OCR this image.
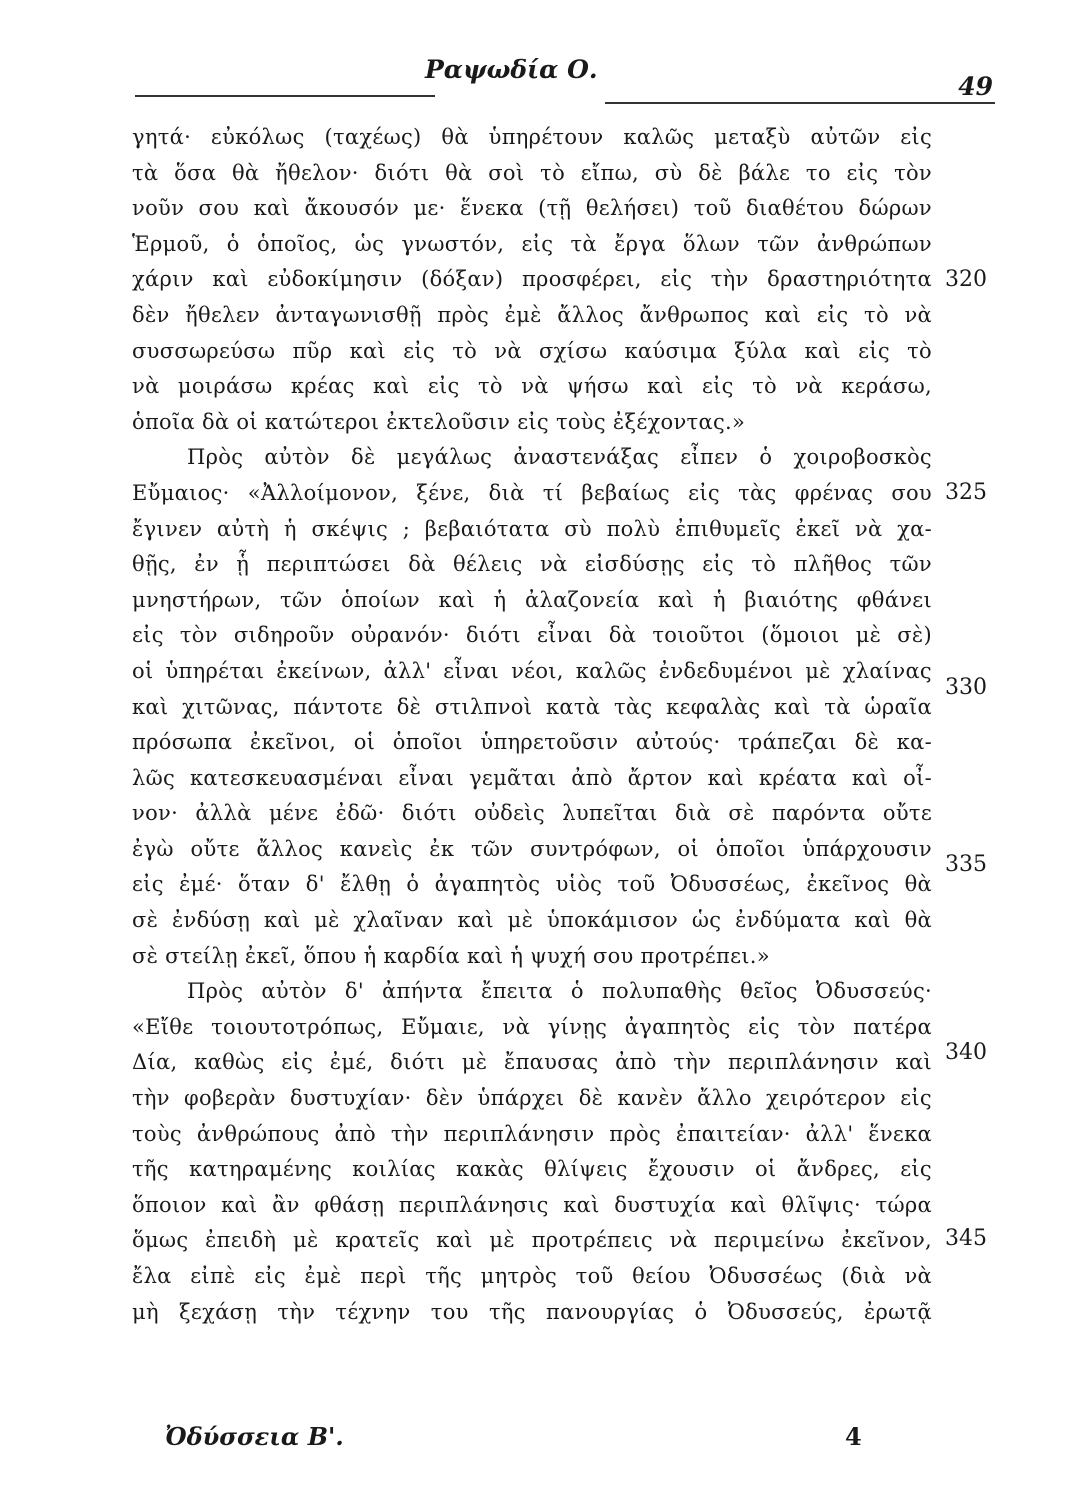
Ραψωδία Ο.
49
γητά· εὐκόλως (ταχέως) θὰ ὑπηρέτουν καλῶς μεταξὺ αὐτῶν εἰς
τὰ ὅσα θὰ ἤθελον· διότι θὰ σοὶ τὸ εἴπω, σὺ δὲ βάλε το εἰς τὸν
νοῦν σου καὶ ἄκουσόν με· ἕνεκα (τῇ θελήσει) τοῦ διαθέτου δώρων
Ἑρμοῦ, ὁ ὁποῖος, ὡς γνωστόν, εἰς τὰ ἔργα ὅλων τῶν ἀνθρώπων
χάριν καὶ εὐδοκίμησιν (δόξαν) προσφέρει, εἰς τὴν δραστηριότητα
δὲν ἤθελεν ἀνταγωνισθῇ πρὸς ἐμὲ ἄλλος ἄνθρωπος καὶ εἰς τὸ νὰ
συσσωρεύσω πῦρ καὶ εἰς τὸ νὰ σχίσω καύσιμα ξύλα καὶ εἰς τὸ
νὰ μοιράσω κρέας καὶ εἰς τὸ νὰ ψήσω καὶ εἰς τὸ νὰ κεράσω,
ὁποῖα δὰ οἱ κατώτεροι ἐκτελοῦσιν εἰς τοὺς ἐξέχοντας.»
Πρὸς αὐτὸν δὲ μεγάλως ἀναστενάξας εἶπεν ὁ χοιροβοσκὸς
Εὔμαιος· «Ἀλλοίμονον, ξένε, διὰ τί βεβαίως εἰς τὰς φρένας σου
ἔγινεν αὐτὴ ἡ σκέψις ; βεβαιότατα σὺ πολὺ ἐπιθυμεῖς ἐκεῖ νὰ χα-
θῇς, ἐν ᾗ περιπτώσει δὰ θέλεις νὰ εἰσδύσῃς εἰς τὸ πλῆθος τῶν
μνηστήρων, τῶν ὁποίων καὶ ἡ ἀλαζονεία καὶ ἡ βιαιότης φθάνει
εἰς τὸν σιδηροῦν οὐρανόν· διότι εἶναι δὰ τοιοῦτοι (ὅμοιοι μὲ σὲ)
οἱ ὑπηρέται ἐκείνων, ἀλλ' εἶναι νέοι, καλῶς ἐνδεδυμένοι μὲ χλαίνας
καὶ χιτῶνας, πάντοτε δὲ στιλπνοὶ κατὰ τὰς κεφαλὰς καὶ τὰ ὡραῖα
πρόσωπα ἐκεῖνοι, οἱ ὁποῖοι ὑπηρετοῦσιν αὐτούς· τράπεζαι δὲ κα-
λῶς κατεσκευασμέναι εἶναι γεμᾶται ἀπὸ ἄρτον καὶ κρέατα καὶ οἶ-
νον· ἀλλὰ μένε ἐδῶ· διότι οὐδεὶς λυπεῖται διὰ σὲ παρόντα οὔτε
ἐγὼ οὔτε ἄλλος κανεὶς ἐκ τῶν συντρόφων, οἱ ὁποῖοι ὑπάρχουσιν
εἰς ἐμέ· ὅταν δ' ἔλθῃ ὁ ἀγαπητὸς υἱὸς τοῦ Ὀδυσσέως, ἐκεῖνος θὰ
σὲ ἐνδύσῃ καὶ μὲ χλαῖναν καὶ μὲ ὑποκάμισον ὡς ἐνδύματα καὶ θὰ
σὲ στείλῃ ἐκεῖ, ὅπου ἡ καρδία καὶ ἡ ψυχή σου προτρέπει.»
Πρὸς αὐτὸν δ' ἀπήντα ἔπειτα ὁ πολυπαθὴς θεῖος Ὀδυσσεύς·
«Εἴθε τοιουτοτρόπως, Εὔμαιε, νὰ γίνῃς ἀγαπητὸς εἰς τὸν πατέρα
Δία, καθὼς εἰς ἐμέ, διότι μὲ ἔπαυσας ἀπὸ τὴν περιπλάνησιν καὶ
τὴν φοβερὰν δυστυχίαν· δὲν ὑπάρχει δὲ κανὲν ἄλλο χειρότερον εἰς
τοὺς ἀνθρώπους ἀπὸ τὴν περιπλάνησιν πρὸς ἐπαιτείαν· ἀλλ' ἕνεκα
τῆς κατηραμένης κοιλίας κακὰς θλίψεις ἔχουσιν οἱ ἄνδρες, εἰς
ὅποιον καὶ ἂν φθάσῃ περιπλάνησις καὶ δυστυχία καὶ θλῖψις· τώρα
ὅμως ἐπειδὴ μὲ κρατεῖς καὶ μὲ προτρέπεις νὰ περιμείνω ἐκεῖνον,
ἔλα εἰπὲ εἰς ἐμὲ περὶ τῆς μητρὸς τοῦ θείου Ὀδυσσέως (διὰ νὰ
μὴ ξεχάσῃ τὴν τέχνην του τῆς πανουργίας ὁ Ὀδυσσεύς, ἐρωτᾷ
320
325
330
335
340
345
Ὀδύσσεια Β'.	4
